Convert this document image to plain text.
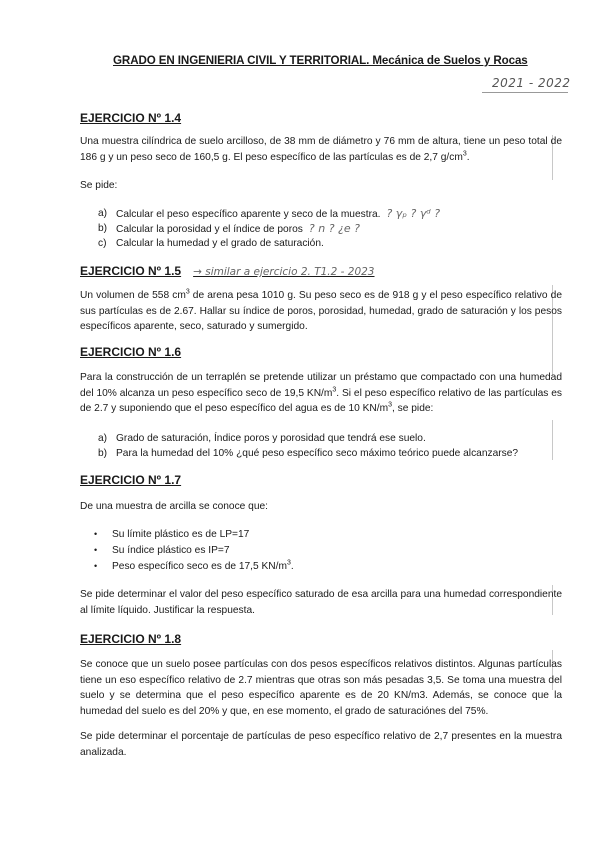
GRADO EN INGENIERIA CIVIL Y TERRITORIAL. Mecánica de Suelos y Rocas
2021 - 2022
EJERCICIO Nº 1.4
Una muestra cilíndrica de suelo arcilloso, de 38 mm de diámetro y 76 mm de altura, tiene un peso total de 186 g y un peso seco de 160,5 g. El peso específico de las partículas es de 2,7 $g/cm^3$.
Se pide:
a) Calcular el peso específico aparente y seco de la muestra. ? γₚ ? γᵈ ?
b) Calcular la porosidad y el índice de poros ? n ? ¿e ?
c) Calcular la humedad y el grado de saturación.
EJERCICIO Nº 1.5 → similar a ejercicio 2. T1.2 - 2023
Un volumen de 558 $cm^3$ de arena pesa 1010 g. Su peso seco es de 918 g y el peso específico relativo de sus partículas es de 2.67. Hallar su índice de poros, porosidad, humedad, grado de saturación y los pesos específicos aparente, seco, saturado y sumergido.
EJERCICIO Nº 1.6
Para la construcción de un terraplén se pretende utilizar un préstamo que compactado con una humedad del 10% alcanza un peso específico seco de 19,5 $KN/m^3$. Si el peso específico relativo de las partículas es de 2.7 y suponiendo que el peso específico del agua es de 10 $KN/m^3$, se pide:
a) Grado de saturación, Índice poros y porosidad que tendrá ese suelo.
b) Para la humedad del 10% ¿qué peso específico seco máximo teórico puede alcanzarse?
EJERCICIO Nº 1.7
De una muestra de arcilla se conoce que:
• Su límite plástico es de LP=17
• Su índice plástico es IP=7
• Peso específico seco es de 17,5 $KN/m^3$.
Se pide determinar el valor del peso específico saturado de esa arcilla para una humedad correspondiente al límite líquido. Justificar la respuesta.
EJERCICIO Nº 1.8
Se conoce que un suelo posee partículas con dos pesos específicos relativos distintos. Algunas partículas tiene un eso específico relativo de 2.7 mientras que otras son más pesadas 3,5. Se toma una muestra del suelo y se determina que el peso específico aparente es de 20 KN/m3. Además, se conoce que la humedad del suelo es del 20% y que, en ese momento, el grado de saturaciónes del 75%.
Se pide determinar el porcentaje de partículas de peso específico relativo de 2,7 presentes en la muestra analizada.
